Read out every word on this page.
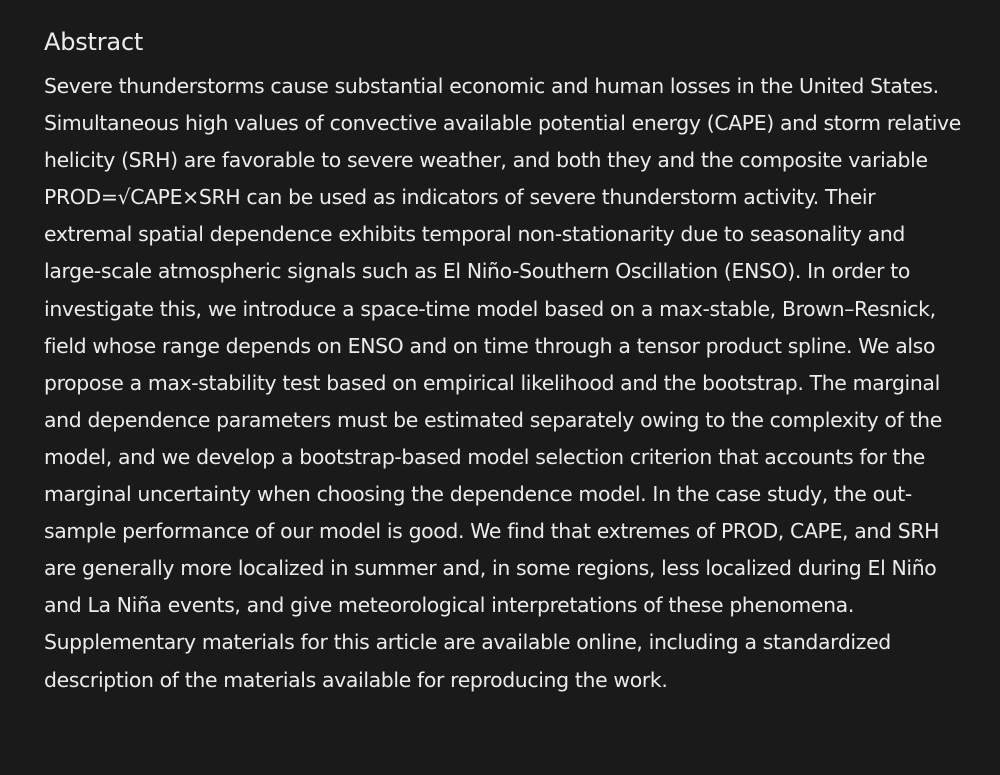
Abstract

Severe thunderstorms cause substantial economic and human losses in the United States. Simultaneous high values of convective available potential energy (CAPE) and storm relative helicity (SRH) are favorable to severe weather, and both they and the composite variable PROD=√CAPE×SRH can be used as indicators of severe thunderstorm activity. Their extremal spatial dependence exhibits temporal non-stationarity due to seasonality and large-scale atmospheric signals such as El Niño-Southern Oscillation (ENSO). In order to investigate this, we introduce a space-time model based on a max-stable, Brown–Resnick, field whose range depends on ENSO and on time through a tensor product spline. We also propose a max-stability test based on empirical likelihood and the bootstrap. The marginal and dependence parameters must be estimated separately owing to the complexity of the model, and we develop a bootstrap-based model selection criterion that accounts for the marginal uncertainty when choosing the dependence model. In the case study, the out-sample performance of our model is good. We find that extremes of PROD, CAPE, and SRH are generally more localized in summer and, in some regions, less localized during El Niño and La Niña events, and give meteorological interpretations of these phenomena. Supplementary materials for this article are available online, including a standardized description of the materials available for reproducing the work.
